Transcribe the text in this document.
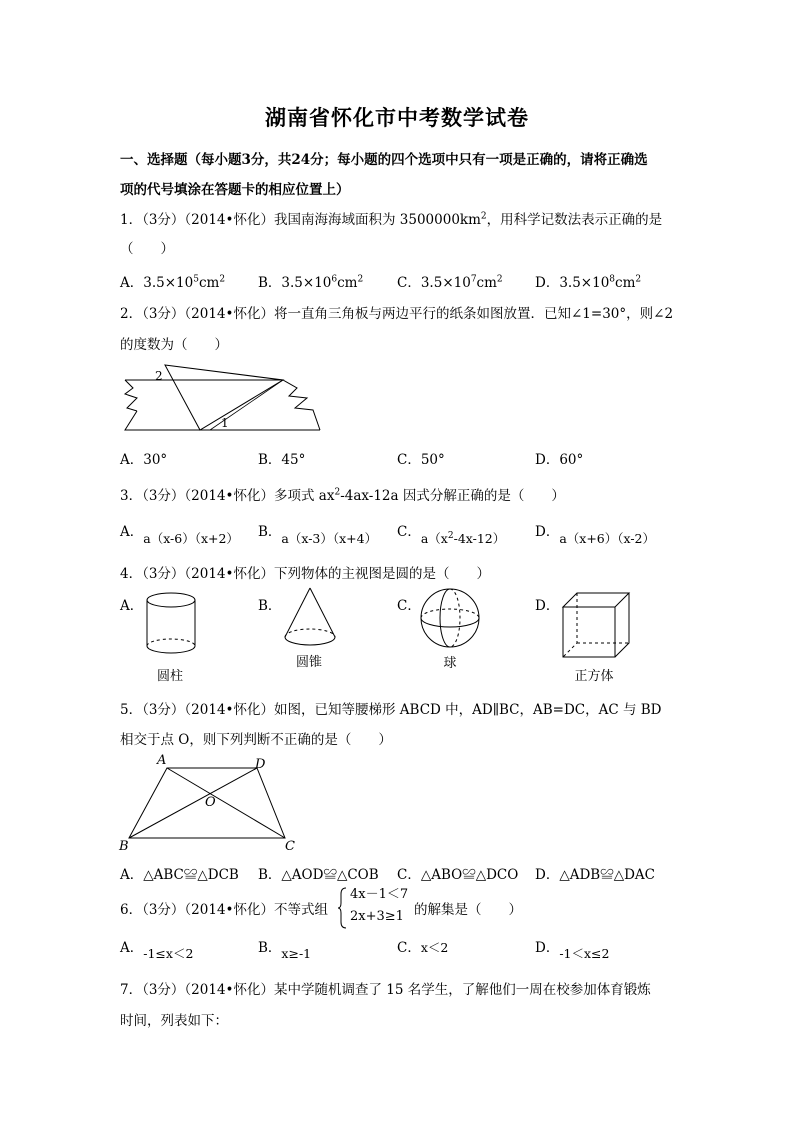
湖南省怀化市中考数学试卷
一、选择题（每小题3分，共24分；每小题的四个选项中只有一项是正确的，请将正确选
项的代号填涂在答题卡的相应位置上）
1．（3分）（2014•怀化）我国南海海域面积为 $3500000km^2$，用科学记数法表示正确的是
（　　）
A．$3.5\times 10^5cm^2$ B．$3.5\times 10^6cm^2$	C．$3.5\times 10^7cm^2$ D．$3.5\times 10^8cm^2$
2．（3分）（2014•怀化）将一直角三角板与两边平行的纸条如图放置．已知∠1=30°，则∠2
的度数为（　　）
2
1
A．30°	B．45°	C．50°	D．60°
3．（3分）（2014•怀化）多项式 $ax^2-4ax-12a$ 因式分解正确的是（　　）
A．a（x-6）（x+2） B．a（x-3）（x+4） C．$a(x^2-4x-12)$ D．a（x+6）（x-2）
4．（3分）（2014•怀化）下列物体的主视图是圆的是（　　）
A．
圆柱
B．
圆锥
C．
球
D．
正方体
5．（3分）（2014•怀化）如图，已知等腰梯形 ABCD 中，AD∥BC，AB=DC，AC 与 BD
相交于点 O，则下列判断不正确的是（　　）
A	D
B	C
O
A．△ABC≌△DCB B．△AOD≌△COB C．△ABO≌△DCO D．△ADB≌△DAC
6．（3分）（2014•怀化）不等式组
4x－1＜7
2x+3≥1 的解集是（　　）
A．-1≤x＜2	B．x≥-1	C．x＜2	D．-1＜x≤2
7．（3分）（2014•怀化）某中学随机调查了 15 名学生，了解他们一周在校参加体育锻炼
时间，列表如下：
